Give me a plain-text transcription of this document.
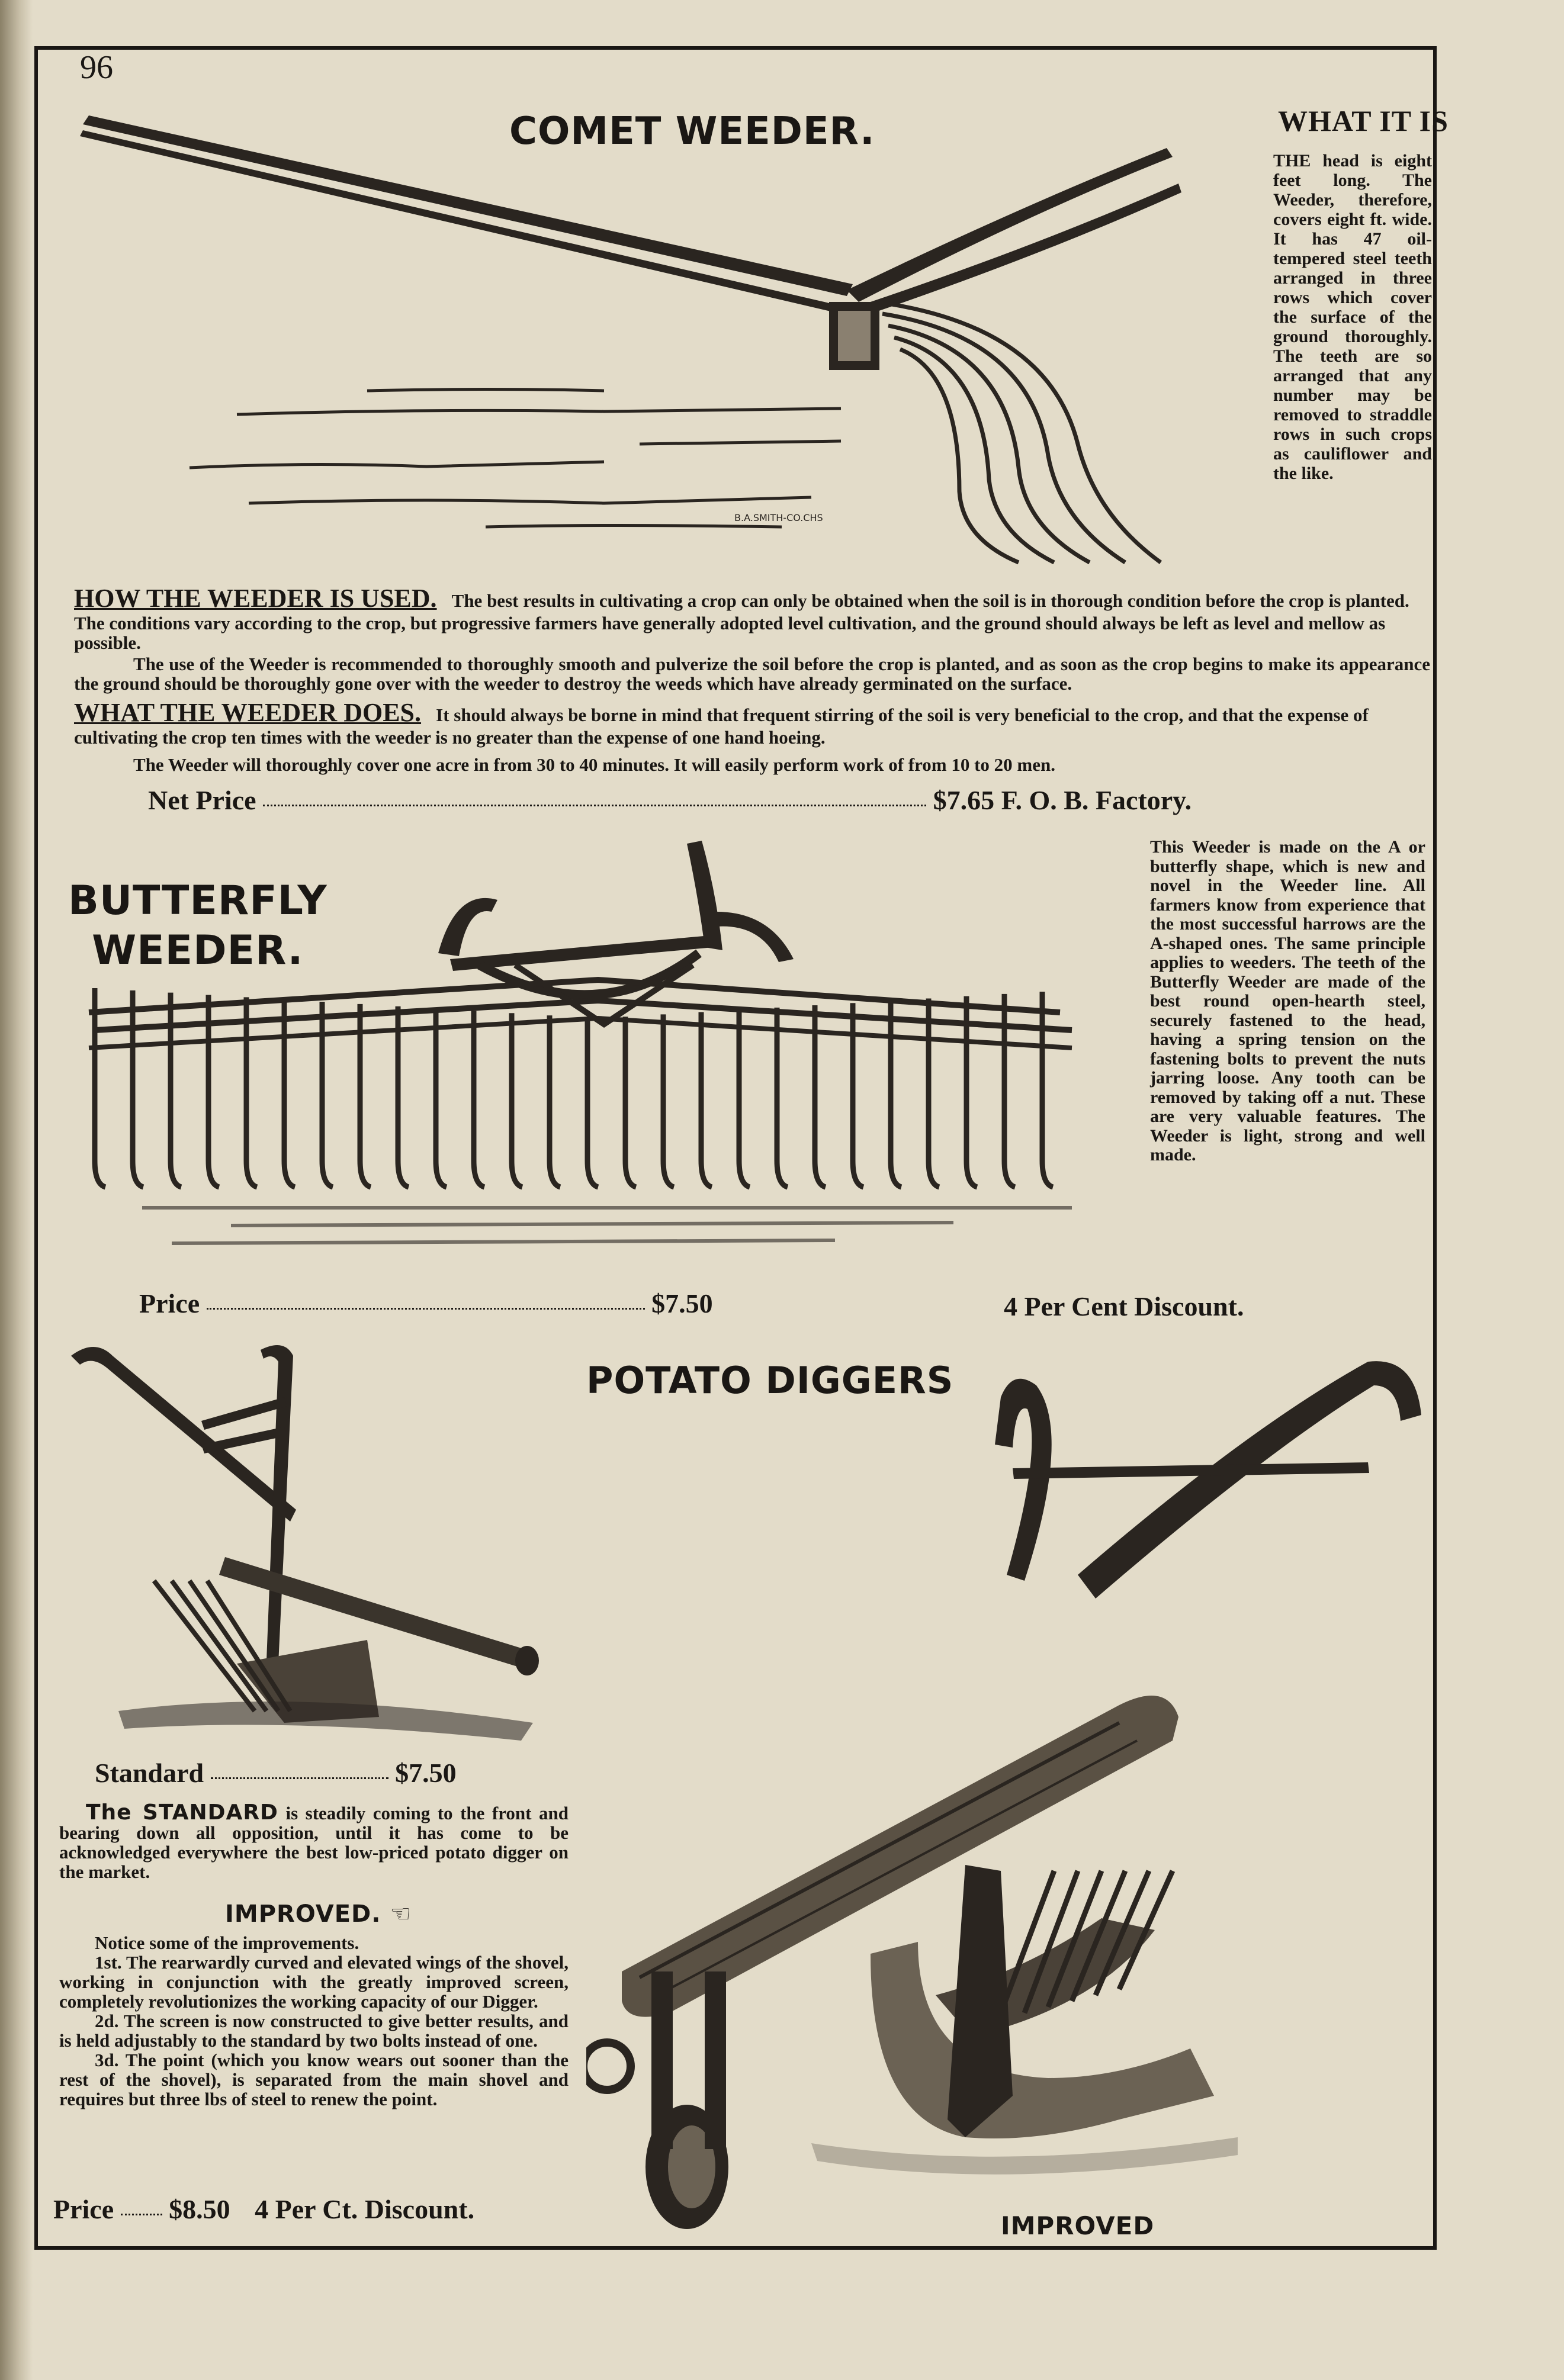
96
COMET WEEDER.
B.A.SMITH-CO.CHS
WHAT IT IS
THE head is eight feet long. The Weeder, therefore, covers eight ft. wide. It has 47 oil-tempered steel teeth arranged in three rows which cover the surface of the ground thoroughly. The teeth are so arranged that any number may be removed to straddle rows in such crops as cauliflower and the like.
HOW THE WEEDER IS USED. The best results in cultivating a crop can only be obtained when the soil is in thorough condition before the crop is planted. The conditions vary according to the crop, but progressive farmers have generally adopted level cultivation, and the ground should always be left as level and mellow as possible.
The use of the Weeder is recommended to thoroughly smooth and pulverize the soil before the crop is planted, and as soon as the crop begins to make its appearance the ground should be thoroughly gone over with the weeder to destroy the weeds which have already germinated on the surface.
WHAT THE WEEDER DOES. It should always be borne in mind that frequent stirring of the soil is very beneficial to the crop, and that the expense of cultivating the crop ten times with the weeder is no greater than the expense of one hand hoeing.
The Weeder will thoroughly cover one acre in from 30 to 40 minutes. It will easily perform work of from 10 to 20 men.
Net Price	$7.65 F. O. B. Factory.
BUTTERFLY
WEEDER.
This Weeder is made on the A or butterfly shape, which is new and novel in the Weeder line. All farmers know from experience that the most successful harrows are the A-shaped ones. The same principle applies to weeders. The teeth of the Butterfly Weeder are made of the best round open-hearth steel, securely fastened to the head, having a spring tension on the fastening bolts to prevent the nuts jarring loose. Any tooth can be removed by taking off a nut. These are very valuable features. The Weeder is light, strong and well made.
Price	$7.50	4 Per Cent Discount.
POTATO DIGGERS
Standard	$7.50
The STANDARD is steadily coming to the front and bearing down all opposition, until it has come to be acknowledged everywhere the best low-priced potato digger on the market.
IMPROVED. ☜
Notice some of the improvements.
1st. The rearwardly curved and elevated wings of the shovel, working in conjunction with the greatly improved screen, completely revolutionizes the working capacity of our Digger.
2d. The screen is now constructed to give better results, and is held adjustably to the standard by two bolts instead of one.
3d. The point (which you know wears out sooner than the rest of the shovel), is separated from the main shovel and requires but three lbs of steel to renew the point.
Price $8.50 4 Per Ct. Discount.
IMPROVED
